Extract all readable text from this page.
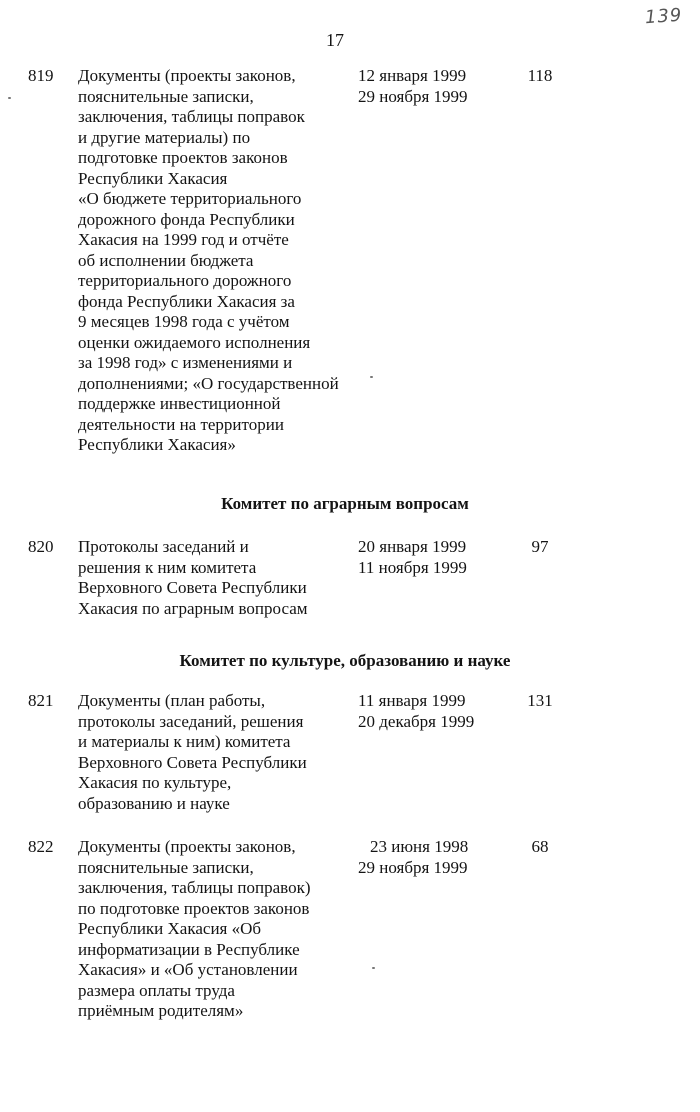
17
139
819 Документы (проекты законов,
пояснительные записки,
заключения, таблицы поправок
и другие материалы) по
подготовке проектов законов
Республики Хакасия
«О бюджете территориального
дорожного фонда Республики
Хакасия на 1999 год и отчёте
об исполнении бюджета
территориального дорожного
фонда Республики Хакасия за
9 месяцев 1998 года с учётом
оценки ожидаемого исполнения
за 1998 год» с изменениями и
дополнениями; «О государственной
поддержке инвестиционной
деятельности на территории
Республики Хакасия»
12 января 1999
29 ноября 1999
118
Комитет по аграрным вопросам
820 Протоколы заседаний и
решения к ним комитета
Верховного Совета Республики
Хакасия по аграрным вопросам
20 января 1999
11 ноября 1999
97
Комитет по культуре, образованию и науке
821 Документы (план работы,
протоколы заседаний, решения
и материалы к ним) комитета
Верховного Совета Республики
Хакасия по культуре,
образованию и науке
11 января 1999
20 декабря 1999
131
822 Документы (проекты законов,
пояснительные записки,
заключения, таблицы поправок)
по подготовке проектов законов
Республики Хакасия «Об
информатизации в Республике
Хакасия» и «Об установлении
размера оплаты труда
приёмным родителям»
23 июня 1998
29 ноября 1999
68
